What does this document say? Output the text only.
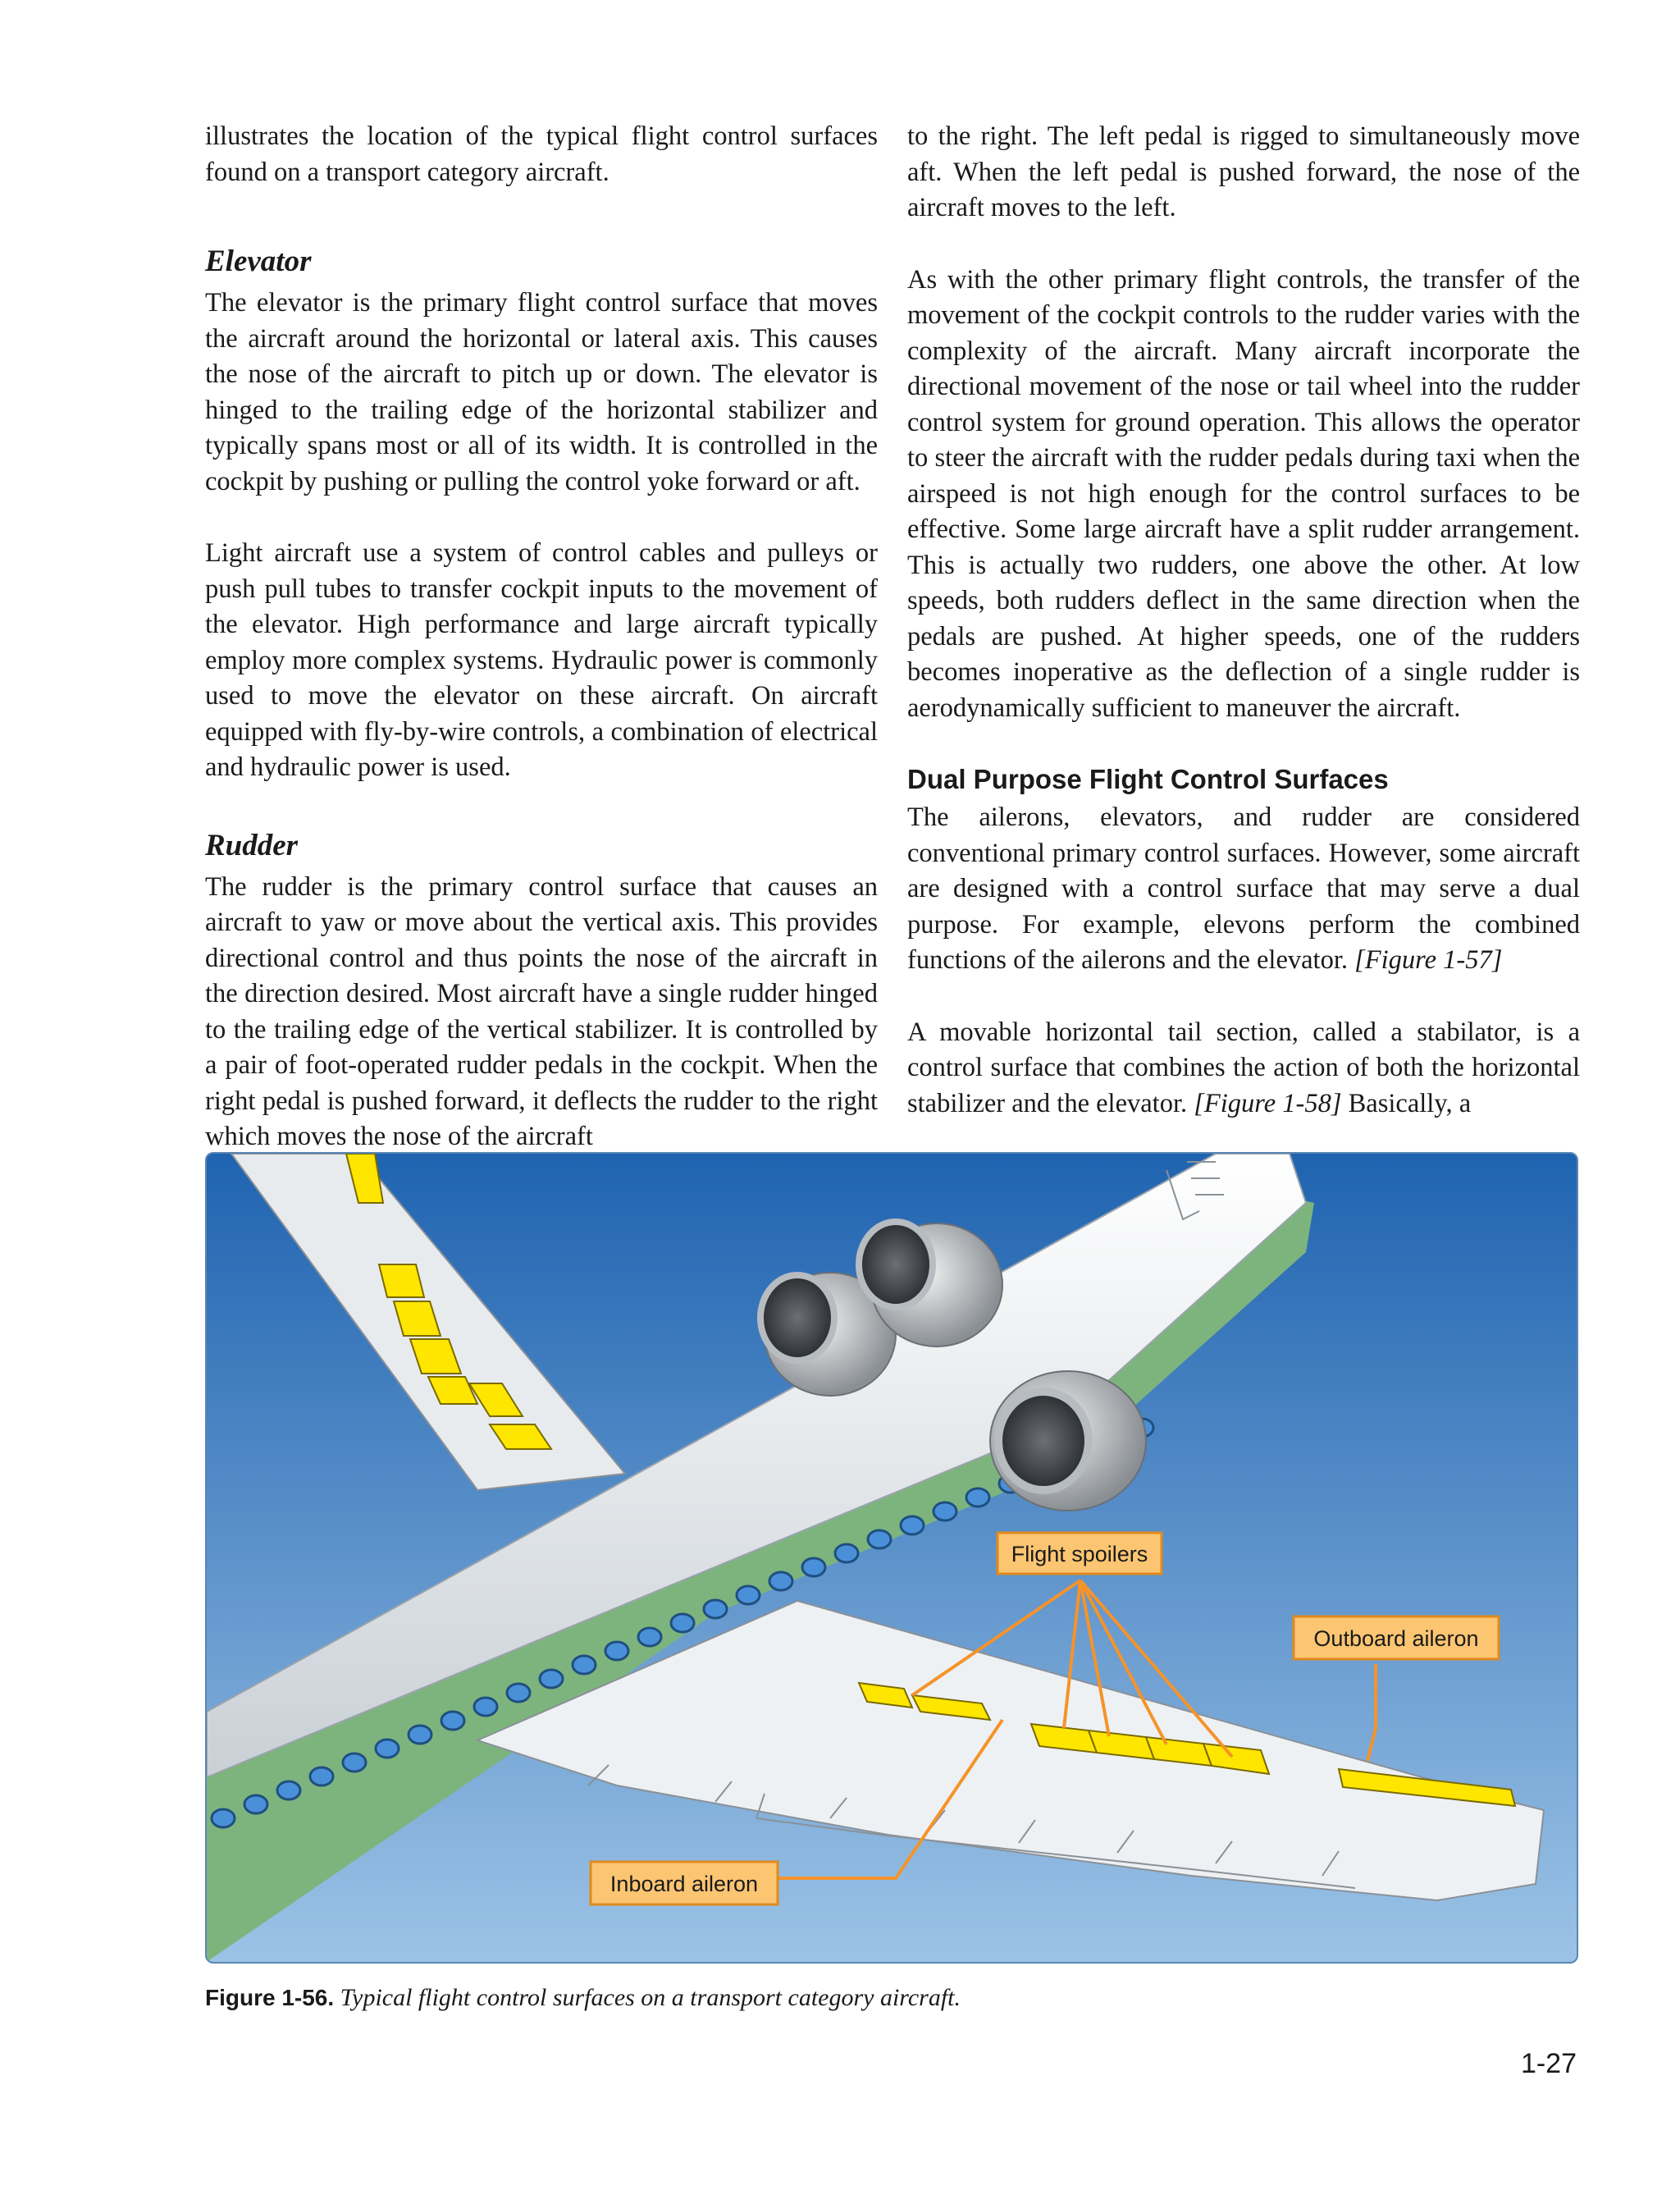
illustrates the location of the typical flight control surfaces found on a transport category aircraft.

Elevator

The elevator is the primary flight control surface that moves the aircraft around the horizontal or lateral axis. This causes the nose of the aircraft to pitch up or down. The elevator is hinged to the trailing edge of the horizontal stabilizer and typically spans most or all of its width. It is controlled in the cockpit by pushing or pulling the control yoke forward or aft.

Light aircraft use a system of control cables and pulleys or push pull tubes to transfer cockpit inputs to the movement of the elevator. High performance and large aircraft typically employ more complex systems. Hydraulic power is commonly used to move the elevator on these aircraft. On aircraft equipped with fly-by-wire controls, a combination of electrical and hydraulic power is used.

Rudder

The rudder is the primary control surface that causes an aircraft to yaw or move about the vertical axis. This provides directional control and thus points the nose of the aircraft in the direction desired. Most aircraft have a single rudder hinged to the trailing edge of the vertical stabilizer. It is controlled by a pair of foot-operated rudder pedals in the cockpit. When the right pedal is pushed forward, it deflects the rudder to the right which moves the nose of the aircraft

to the right. The left pedal is rigged to simultaneously move aft. When the left pedal is pushed forward, the nose of the aircraft moves to the left.

As with the other primary flight controls, the transfer of the movement of the cockpit controls to the rudder varies with the complexity of the aircraft. Many aircraft incorporate the directional movement of the nose or tail wheel into the rudder control system for ground operation. This allows the operator to steer the aircraft with the rudder pedals during taxi when the airspeed is not high enough for the control surfaces to be effective. Some large aircraft have a split rudder arrangement. This is actually two rudders, one above the other. At low speeds, both rudders deflect in the same direction when the pedals are pushed. At higher speeds, one of the rudders becomes inoperative as the deflection of a single rudder is aerodynamically sufficient to maneuver the aircraft.

Dual Purpose Flight Control Surfaces

The ailerons, elevators, and rudder are considered conventional primary control surfaces. However, some aircraft are designed with a control surface that may serve a dual purpose. For example, elevons perform the combined functions of the ailerons and the elevator. [Figure 1-57]

A movable horizontal tail section, called a stabilator, is a control surface that combines the action of both the horizontal stabilizer and the elevator. [Figure 1-58] Basically, a

Flight spoilers
Outboard aileron
Inboard aileron
Figure 1-56. Typical flight control surfaces on a transport category aircraft.
1-27
